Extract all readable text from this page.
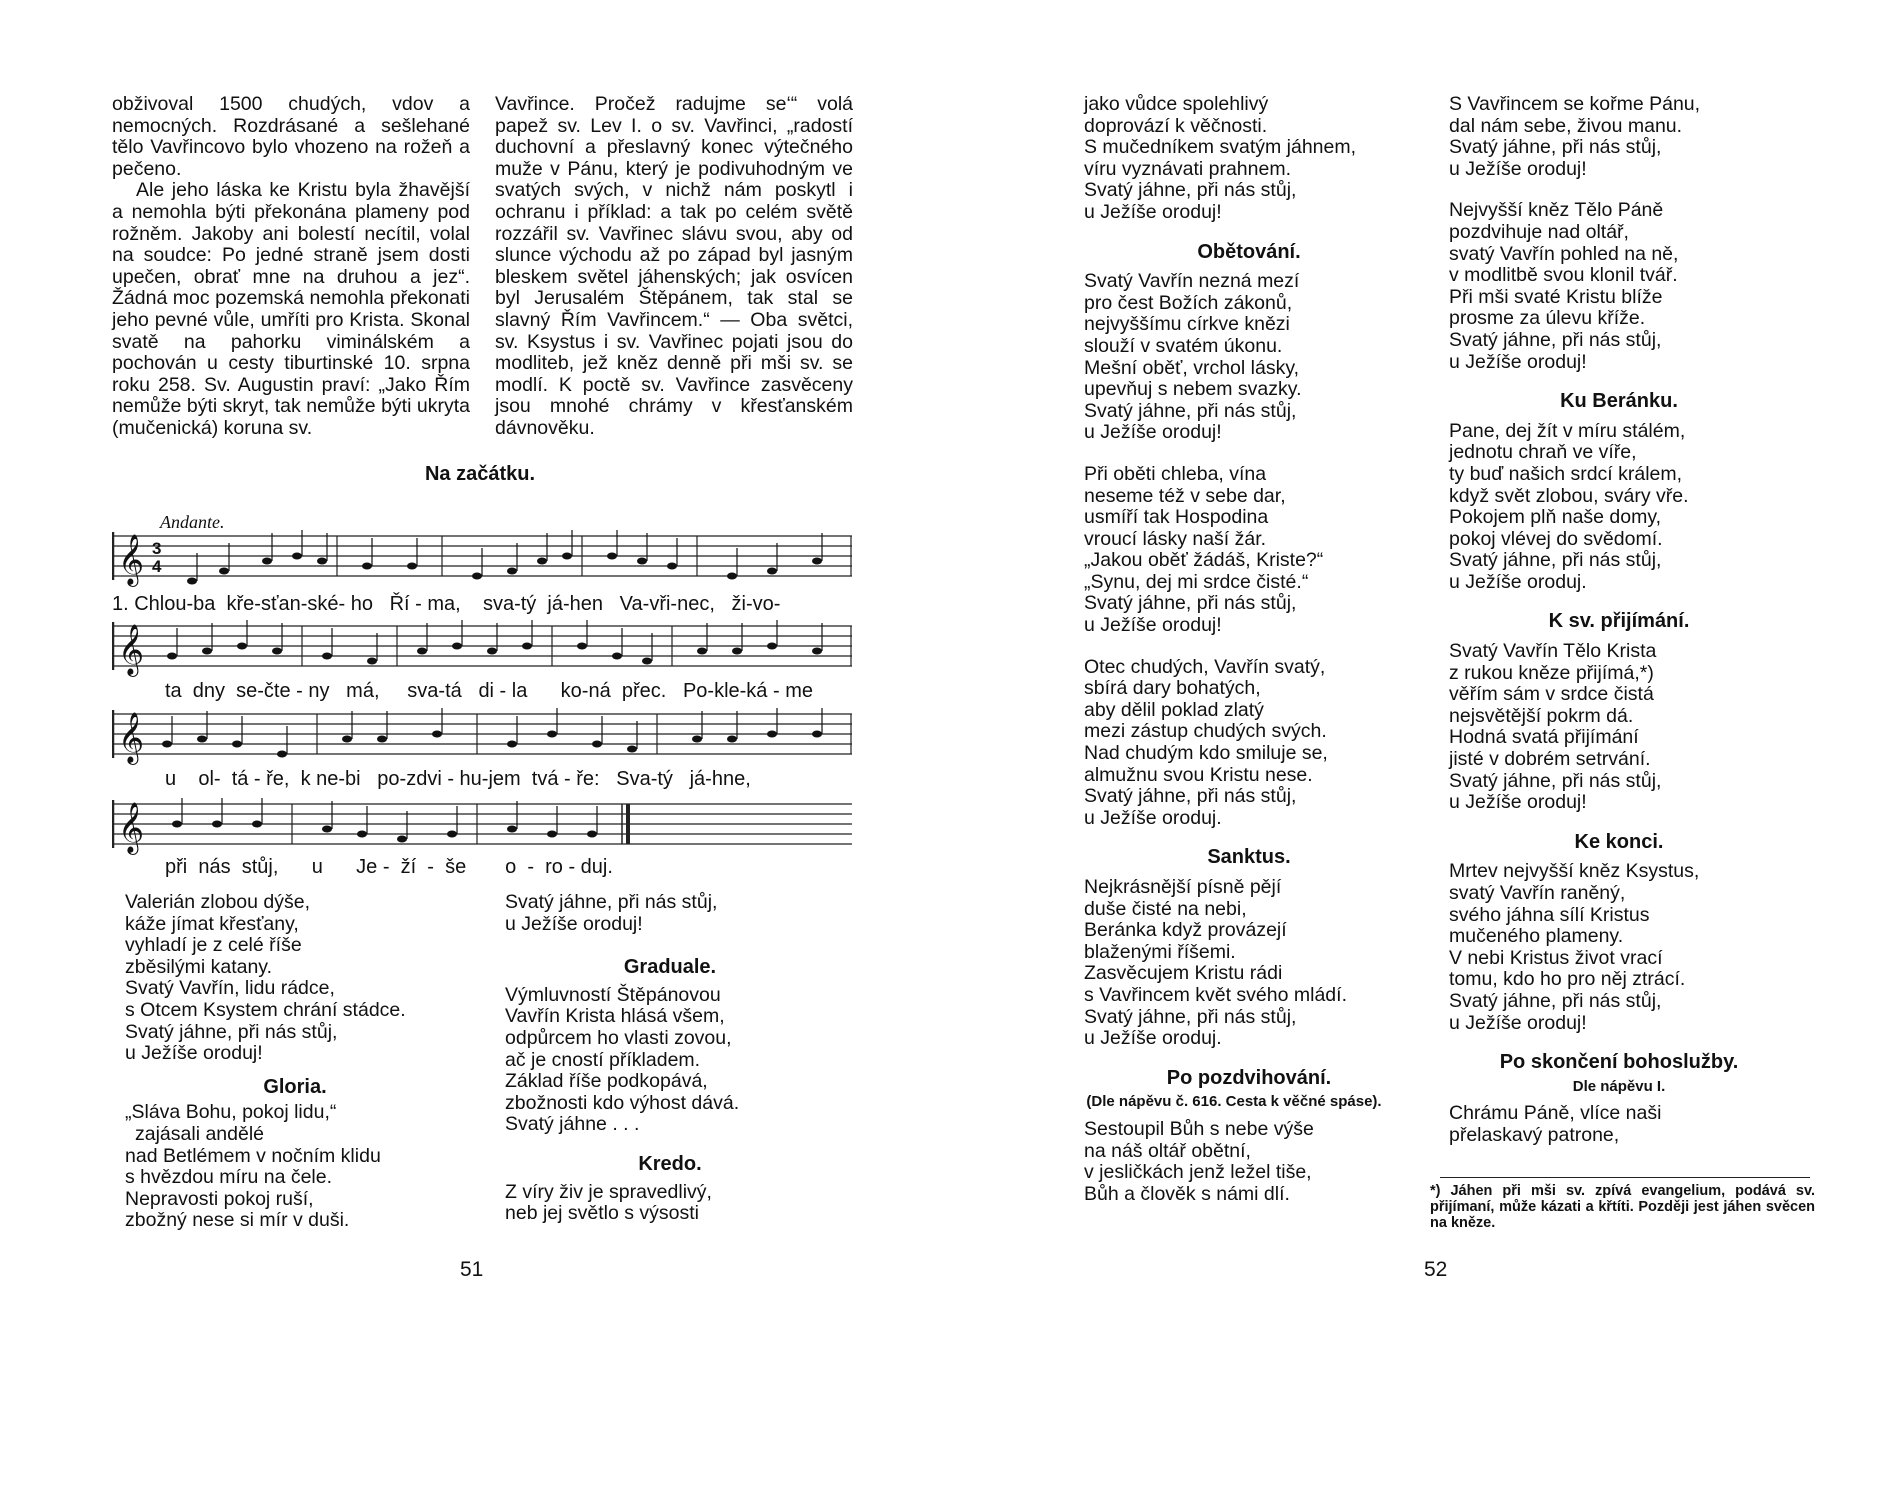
obživoval 1500 chudých, vdov a nemocných. Rozdrásané a sešlehané tělo Vavřincovo bylo vhozeno na rožeň a pečeno.

Ale jeho láska ke Kristu byla žhavější a nemohla býti překonána plameny pod rožněm. Jakoby ani bolestí necítil, volal na soudce: Po jedné straně jsem dosti upečen, obrať mne na druhou a jez“. Žádná moc pozemská nemohla překonati jeho pevné vůle, umříti pro Krista. Skonal svatě na pahorku viminálském a pochován u cesty tiburtinské 10. srpna roku 258. Sv. Augustin praví: „Jako Řím nemůže býti skryt, tak nemůže býti ukryta (mučenická) koruna sv.

Vavřince. Pročež radujme se‘“ volá papež sv. Lev I. o sv. Vavřinci, „radostí duchovní a přeslavný konec výtečného muže v Pánu, který je podivuhodným ve svatých svých, v nichž nám poskytl i ochranu i příklad: a tak po celém světě rozzářil sv. Vavřinec slávu svou, aby od slunce východu až po západ byl jasným bleskem světel jáhenských; jak osvícen byl Jerusalém Štěpánem, tak stal se slavný Řím Vavřincem.“ — Oba světci, sv. Ksystus i sv. Vavřinec pojati jsou do modliteb, jež kněz denně při mši sv. se modlí. K poctě sv. Vavřince zasvěceny jsou mnohé chrámy v křesťanském dávnověku.

Na začátku.
Andante.
𝄞 3
4
1. Chlou-ba  kře-sťan-ské- ho   Ří - ma,    sva-tý  já-hen   Va-vři-nec,   ži-vo-
𝄞
ta  dny  se-čte - ny   má,     sva-tá   di - la      ko-ná  přec.   Po-kle-ká - me
𝄞
u    ol-  tá - ře,  k ne-bi   po-zdvi - hu-jem  tvá - ře:   Sva-tý   já-hne,
𝄞
při  nás  stůj,      u      Je -  ží  -  še       o  -  ro - duj.
Valerián zlobou dýše,
káže jímat křesťany,
vyhladí je z celé říše
zběsilými katany.
Svatý Vavřín, lidu rádce,
s Otcem Ksystem chrání stádce.
Svatý jáhne, při nás stůj,
u Ježíše oroduj!
Gloria.
„Sláva Bohu, pokoj lidu,“
zajásali andělé
nad Betlémem v nočním klidu
s hvězdou míru na čele.
Nepravosti pokoj ruší,
zbožný nese si mír v duši.
Svatý jáhne, při nás stůj,
u Ježíše oroduj!
Graduale.
Výmluvností Štěpánovou
Vavřín Krista hlásá všem,
odpůrcem ho vlasti zovou,
ač je cností příkladem.
Základ říše podkopává,
zbožnosti kdo výhost dává.
Svatý jáhne . . .
Kredo.
Z víry živ je spravedlivý,
neb jej světlo s výsosti
51
jako vůdce spolehlivý
doprovází k věčnosti.
S mučedníkem svatým jáhnem,
víru vyznávati prahnem.
Svatý jáhne, při nás stůj,
u Ježíše oroduj!
Obětování.
Svatý Vavřín nezná mezí
pro čest Božích zákonů,
nejvyššímu církve knězi
slouží v svatém úkonu.
Mešní oběť, vrchol lásky,
upevňuj s nebem svazky.
Svatý jáhne, při nás stůj,
u Ježíše oroduj!
Při oběti chleba, vína
neseme též v sebe dar,
usmíří tak Hospodina
vroucí lásky naší žár.
„Jakou oběť žádáš, Kriste?“
„Synu, dej mi srdce čisté.“
Svatý jáhne, při nás stůj,
u Ježíše oroduj!
Otec chudých, Vavřín svatý,
sbírá dary bohatých,
aby dělil poklad zlatý
mezi zástup chudých svých.
Nad chudým kdo smiluje se,
almužnu svou Kristu nese.
Svatý jáhne, při nás stůj,
u Ježíše oroduj.
Sanktus.
Nejkrásnější písně pějí
duše čisté na nebi,
Beránka když provázejí
blaženými říšemi.
Zasvěcujem Kristu rádi
s Vavřincem květ svého mládí.
Svatý jáhne, při nás stůj,
u Ježíše oroduj.
Po pozdvihování.
(Dle nápěvu č. 616. Cesta k věčné spáse).
Sestoupil Bůh s nebe výše
na náš oltář obětní,
v jesličkách jenž ležel tiše,
Bůh a člověk s námi dlí.
S Vavřincem se kořme Pánu,
dal nám sebe, živou manu.
Svatý jáhne, při nás stůj,
u Ježíše oroduj!
Nejvyšší kněz Tělo Páně
pozdvihuje nad oltář,
svatý Vavřín pohled na ně,
v modlitbě svou klonil tvář.
Při mši svaté Kristu blíže
prosme za úlevu kříže.
Svatý jáhne, při nás stůj,
u Ježíše oroduj!
Ku Beránku.
Pane, dej žít v míru stálém,
jednotu chraň ve víře,
ty buď našich srdcí králem,
když svět zlobou, sváry vře.
Pokojem plň naše domy,
pokoj vlévej do svědomí.
Svatý jáhne, při nás stůj,
u Ježíše oroduj.
K sv. přijímání.
Svatý Vavřín Tělo Krista
z rukou kněze přijímá,*)
věřím sám v srdce čistá
nejsvětější pokrm dá.
Hodná svatá přijímání
jisté v dobrém setrvání.
Svatý jáhne, při nás stůj,
u Ježíše oroduj!
Ke konci.
Mrtev nejvyšší kněz Ksystus,
svatý Vavřín raněný,
svého jáhna sílí Kristus
mučeného plameny.
V nebi Kristus život vrací
tomu, kdo ho pro něj ztrácí.
Svatý jáhne, při nás stůj,
u Ježíše oroduj!
Po skončení bohoslužby.
Dle nápěvu I.
Chrámu Páně, vlíce naši
přelaskavý patrone,
52
*) Jáhen při mši sv. zpívá evangelium, podává sv. přijímaní, může kázati a křtíti. Později jest jáhen svěcen na kněze.
